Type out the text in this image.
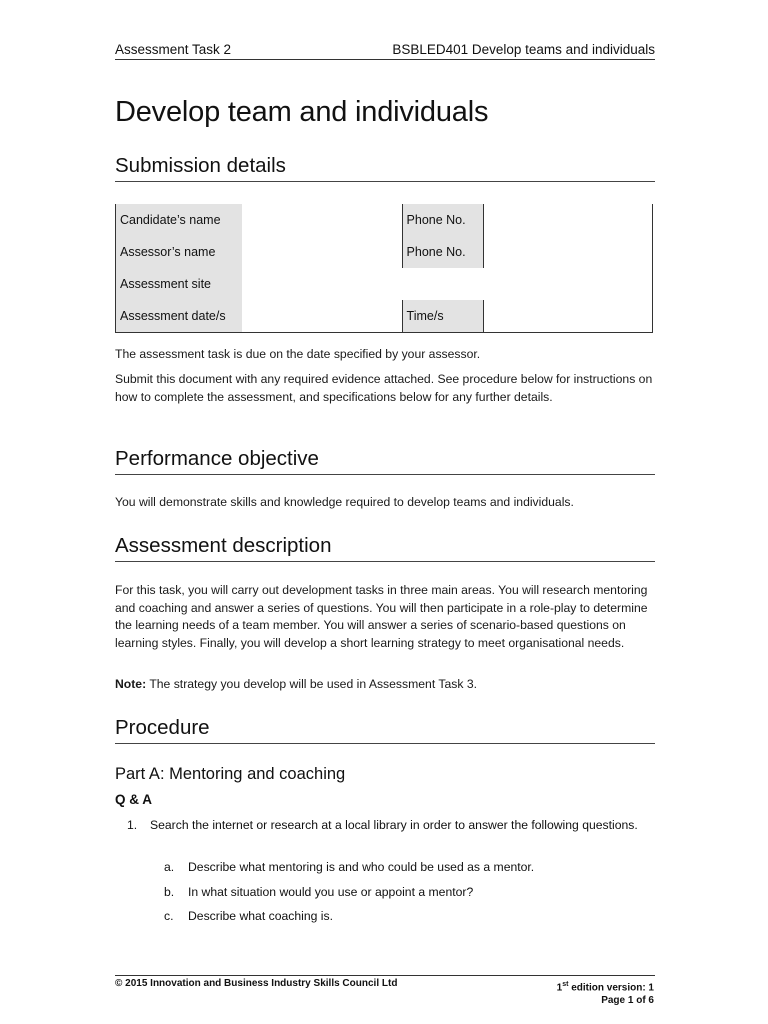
Assessment Task 2	BSBLED401 Develop teams and individuals
Develop team and individuals
Submission details
Candidate’s name		Phone No.	
Assessor’s name		Phone No.	
Assessment site			
Assessment date/s		Time/s	

The assessment task is due on the date specified by your assessor.

Submit this document with any required evidence attached. See procedure below for instructions on how to complete the assessment, and specifications below for any further details.

Performance objective

You will demonstrate skills and knowledge required to develop teams and individuals.

Assessment description

For this task, you will carry out development tasks in three main areas. You will research mentoring and coaching and answer a series of questions. You will then participate in a role-play to determine the learning needs of a team member. You will answer a series of scenario-based questions on learning styles. Finally, you will develop a short learning strategy to meet organisational needs.

Note: The strategy you develop will be used in Assessment Task 3.

Procedure
Part A: Mentoring and coaching
Q & A
1. Search the internet or research at a local library in order to answer the following questions.
a. Describe what mentoring is and who could be used as a mentor.
b. In what situation would you use or appoint a mentor?
c. Describe what coaching is.
© 2015 Innovation and Business Industry Skills Council Ltd	1st edition version: 1
Page 1 of 6
